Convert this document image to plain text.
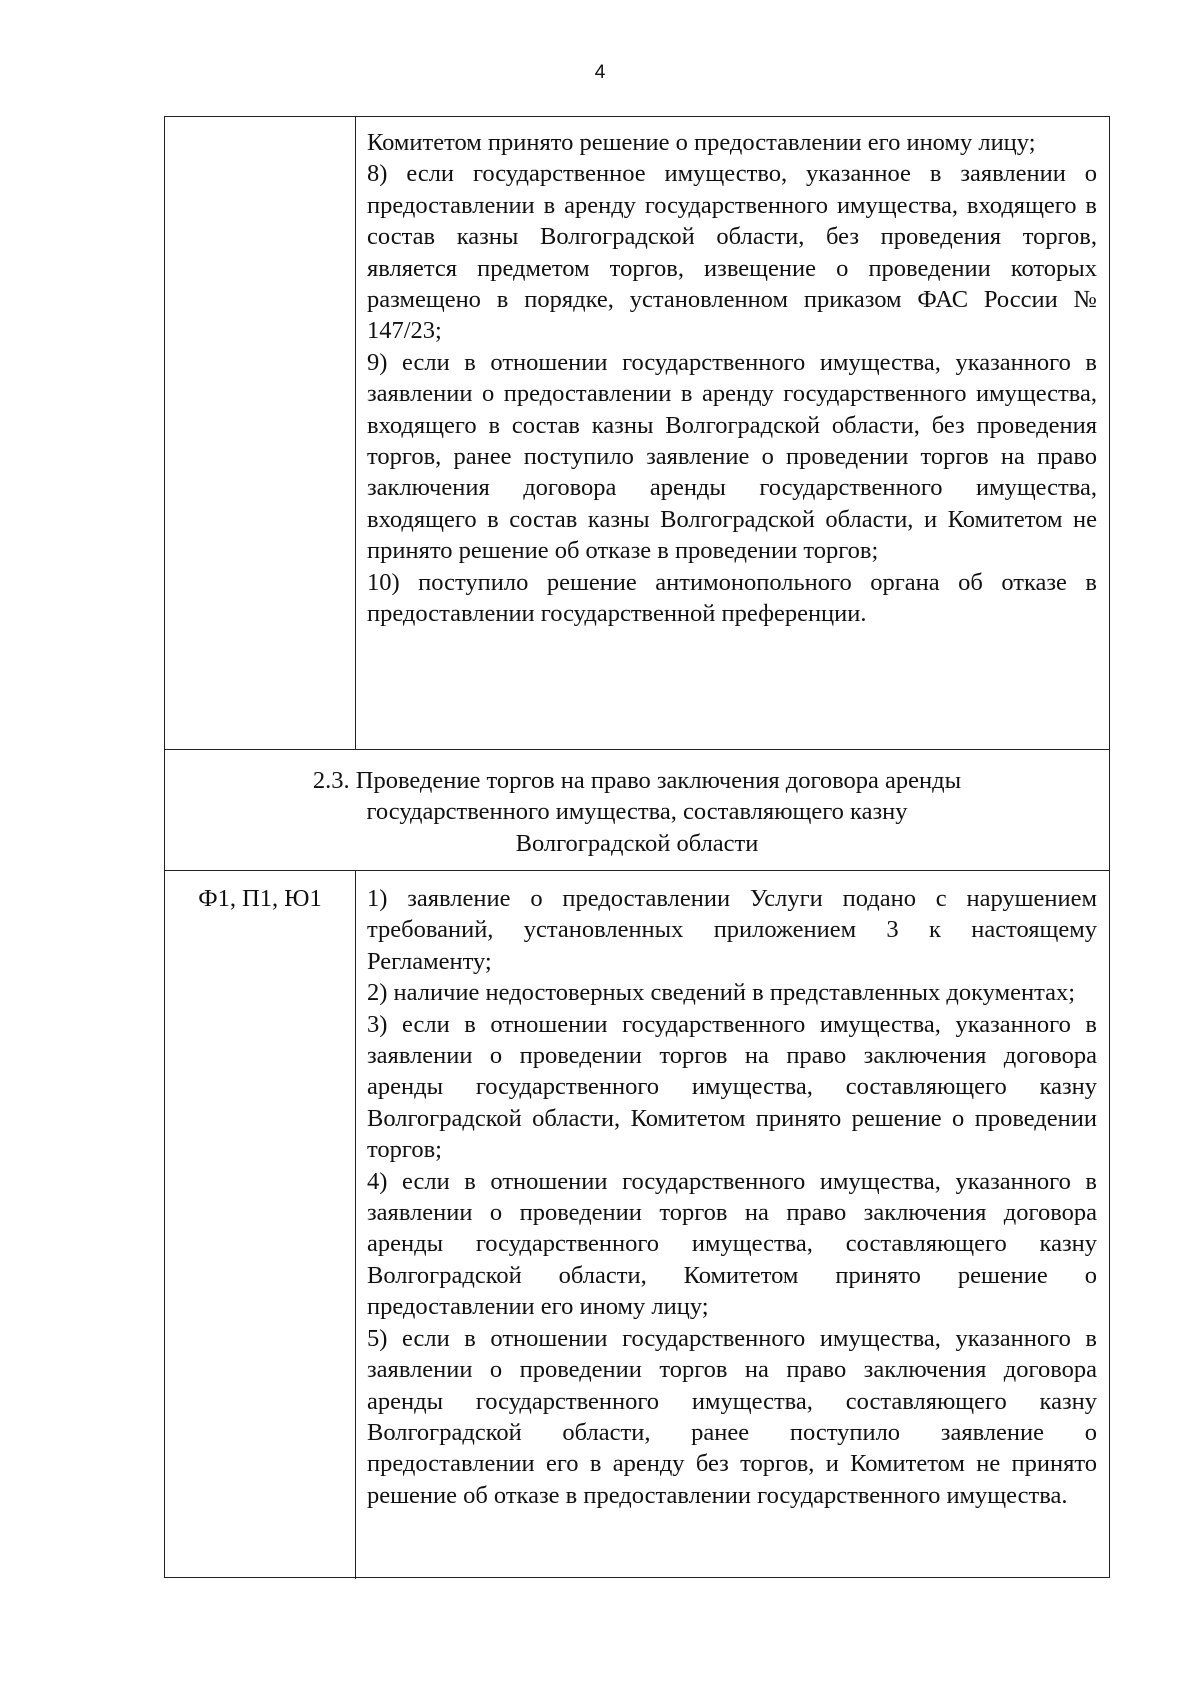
4

Комитетом принято решение о предоставлении его иному лицу;

8) если государственное имущество, указанное в заявлении о предоставлении в аренду государственного имущества, входящего в состав казны Волгоградской области, без проведения торгов, является предметом торгов, извещение о проведении которых размещено в порядке, установленном приказом ФАС России № 147/23;

9) если в отношении государственного имущества, указанного в заявлении о предоставлении в аренду государственного имущества, входящего в состав казны Волгоградской области, без проведения торгов, ранее поступило заявление о проведении торгов на право заключения договора аренды государственного имущества, входящего в состав казны Волгоградской области, и Комитетом не принято решение об отказе в проведении торгов;

10) поступило решение антимонопольного органа об отказе в предоставлении государственной преференции.

2.3. Проведение торгов на право заключения договора аренды
государственного имущества, составляющего казну
Волгоградской области
Ф1, П1, Ю1	1) заявление о предоставлении Услуги подано с нарушением требований, установленных приложением 3 к настоящему Регламенту;

2) наличие недостоверных сведений в представленных документах;

3) если в отношении государственного имущества, указанного в заявлении о проведении торгов на право заключения договора аренды государственного имущества, составляющего казну Волгоградской области, Комитетом принято решение о проведении торгов;

4) если в отношении государственного имущества, указанного в заявлении о проведении торгов на право заключения договора аренды государственного имущества, составляющего казну Волгоградской области, Комитетом принято решение о предоставлении его иному лицу;

5) если в отношении государственного имущества, указанного в заявлении о проведении торгов на право заключения договора аренды государственного имущества, составляющего казну Волгоградской области, ранее поступило заявление о предоставлении его в аренду без торгов, и Комитетом не принято решение об отказе в предоставлении государственного имущества.
